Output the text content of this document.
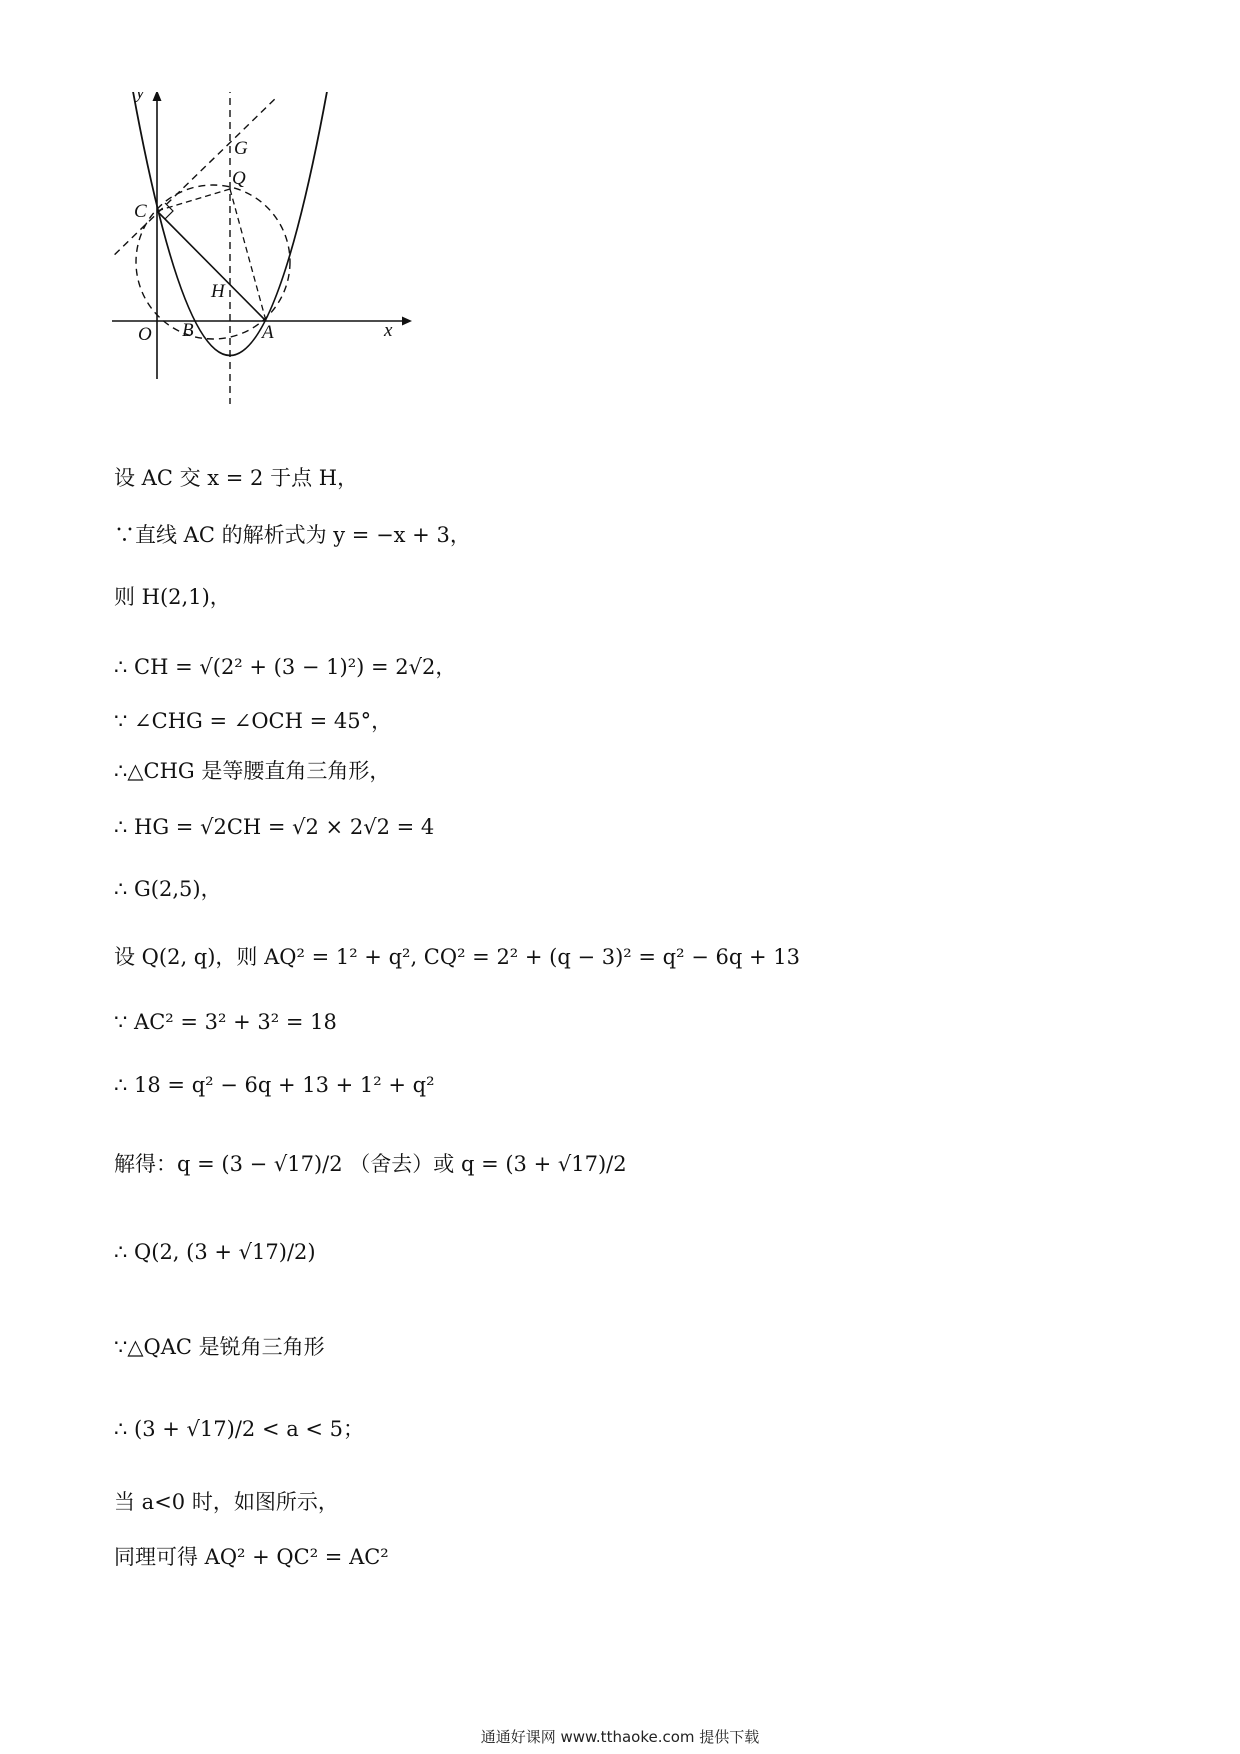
y
x
G
Q
C
H
O B	A
设 AC 交 x = 2 于点 H，
∵直线 AC 的解析式为 y = −x + 3，
则 H(2,1)，
∴ CH = √(2² + (3 − 1)²) = 2√2，
∵ ∠CHG = ∠OCH = 45°，
∴△CHG 是等腰直角三角形，
∴ HG = √2CH = √2 × 2√2 = 4
∴ G(2,5)，
设 Q(2, q)，则 AQ² = 1² + q², CQ² = 2² + (q − 3)² = q² − 6q + 13
∵ AC² = 3² + 3² = 18
∴ 18 = q² − 6q + 13 + 1² + q²
解得：q = (3 − √17)/2 （舍去）或 q = (3 + √17)/2
∴ Q(2, (3 + √17)/2)
∵△QAC 是锐角三角形
∴ (3 + √17)/2 < a < 5；
当 a<0 时，如图所示，
同理可得 AQ² + QC² = AC²
通通好课网 www.tthaoke.com 提供下载
